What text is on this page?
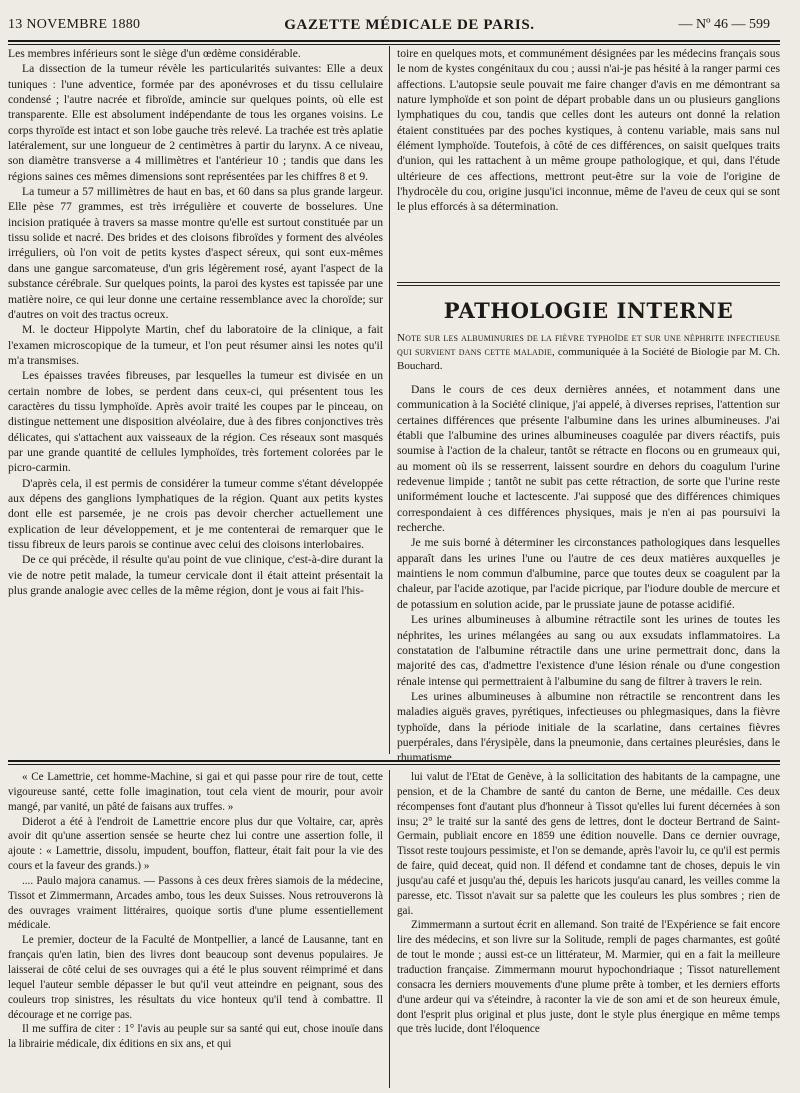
13 NOVEMBRE 1880	GAZETTE MÉDICALE DE PARIS.	— Nº 46 — 599

Les membres inférieurs sont le siège d'un œdème considérable.

La dissection de la tumeur révèle les particularités suivantes: Elle a deux tuniques : l'une adventice, formée par des aponévroses et du tissu cellulaire condensé ; l'autre nacrée et fibroïde, amincie sur quelques points, où elle est transparente. Elle est absolument indépendante de tous les organes voisins. Le corps thyroïde est intact et son lobe gauche très relevé. La trachée est très aplatie latéralement, sur une longueur de 2 centimètres à partir du larynx. A ce niveau, son diamètre transverse a 4 millimètres et l'antérieur 10 ; tandis que dans les régions saines ces mêmes dimensions sont représentées par les chiffres 8 et 9.

La tumeur a 57 millimètres de haut en bas, et 60 dans sa plus grande largeur. Elle pèse 77 grammes, est très irrégulière et couverte de bosselures. Une incision pratiquée à travers sa masse montre qu'elle est surtout constituée par un tissu solide et nacré. Des brides et des cloisons fibroïdes y forment des alvéoles irréguliers, où l'on voit de petits kystes d'aspect séreux, qui sont eux-mêmes dans une gangue sarcomateuse, d'un gris légèrement rosé, ayant l'aspect de la substance cérébrale. Sur quelques points, la paroi des kystes est tapissée par une matière noire, ce qui leur donne une certaine ressemblance avec la choroïde; sur d'autres on voit des tractus ocreux.

M. le docteur Hippolyte Martin, chef du laboratoire de la clinique, a fait l'examen microscopique de la tumeur, et l'on peut résumer ainsi les notes qu'il m'a transmises.

Les épaisses travées fibreuses, par lesquelles la tumeur est divisée en un certain nombre de lobes, se perdent dans ceux-ci, qui présentent tous les caractères du tissu lymphoïde. Après avoir traité les coupes par le pinceau, on distingue nettement une disposition alvéolaire, due à des fibres conjonctives très délicates, qui s'attachent aux vaisseaux de la région. Ces réseaux sont masqués par une grande quantité de cellules lymphoïdes, très fortement colorées par le picro-carmin.

D'après cela, il est permis de considérer la tumeur comme s'étant développée aux dépens des ganglions lymphatiques de la région. Quant aux petits kystes dont elle est parsemée, je ne crois pas devoir chercher actuellement une explication de leur développement, et je me contenterai de remarquer que le tissu fibreux de leurs parois se continue avec celui des cloisons interlobaires.

De ce qui précède, il résulte qu'au point de vue clinique, c'est-à-dire durant la vie de notre petit malade, la tumeur cervicale dont il était atteint présentait la plus grande analogie avec celles de la même région, dont je vous ai fait l'his-

toire en quelques mots, et communément désignées par les médecins français sous le nom de kystes congénitaux du cou ; aussi n'ai-je pas hésité à la ranger parmi ces affections. L'autopsie seule pouvait me faire changer d'avis en me démontrant sa nature lymphoïde et son point de départ probable dans un ou plusieurs ganglions lymphatiques du cou, tandis que celles dont les auteurs ont donné la relation étaient constituées par des poches kystiques, à contenu variable, mais sans nul élément lymphoïde. Toutefois, à côté de ces différences, on saisit quelques traits d'union, qui les rattachent à un même groupe pathologique, et qui, dans l'étude ultérieure de ces affections, mettront peut-être sur la voie de l'origine de l'hydrocèle du cou, origine jusqu'ici inconnue, même de l'aveu de ceux qui se sont le plus efforcés à sa détermination.

PATHOLOGIE INTERNE
Note sur les albuminuries de la fièvre typhoïde et sur une néphrite infectieuse qui survient dans cette maladie, communiquée à la Société de Biologie par M. Ch. Bouchard.

Dans le cours de ces deux dernières années, et notamment dans une communication à la Société clinique, j'ai appelé, à diverses reprises, l'attention sur certaines différences que présente l'albumine dans les urines albumineuses. J'ai établi que l'albumine des urines albumineuses coagulée par divers réactifs, puis soumise à l'action de la chaleur, tantôt se rétracte en flocons ou en grumeaux qui, au moment où ils se resserrent, laissent sourdre en dehors du coagulum l'urine redevenue limpide ; tantôt ne subit pas cette rétraction, de sorte que l'urine reste uniformément louche et lactescente. J'ai supposé que des différences chimiques correspondaient à ces différences physiques, mais je n'en ai pas poursuivi la recherche.

Je me suis borné à déterminer les circonstances pathologiques dans lesquelles apparaît dans les urines l'une ou l'autre de ces deux matières auxquelles je maintiens le nom commun d'albumine, parce que toutes deux se coagulent par la chaleur, par l'acide azotique, par l'acide picrique, par l'iodure double de mercure et de potassium en solution acide, par le prussiate jaune de potasse acidifié.

Les urines albumineuses à albumine rétractile sont les urines de toutes les néphrites, les urines mélangées au sang ou aux exsudats inflammatoires. La constatation de l'albumine rétractile dans une urine permettrait donc, dans la majorité des cas, d'admettre l'existence d'une lésion rénale ou d'une congestion rénale intense qui permettraient à l'albumine du sang de filtrer à travers le rein.

Les urines albumineuses à albumine non rétractile se rencontrent dans les maladies aiguës graves, pyrétiques, infectieuses ou phlegmasiques, dans la fièvre typhoïde, dans la période initiale de la scarlatine, dans certaines fièvres puerpérales, dans l'érysipèle, dans la pneumonie, dans certaines pleurésies, dans le rhumatisme

« Ce Lamettrie, cet homme-Machine, si gai et qui passe pour rire de tout, cette vigoureuse santé, cette folle imagination, tout cela vient de mourir, pour avoir mangé, par vanité, un pâté de faisans aux truffes. »

Diderot a été à l'endroit de Lamettrie encore plus dur que Voltaire, car, après avoir dit qu'une assertion sensée se heurte chez lui contre une assertion folle, il ajoute : « Lamettrie, dissolu, impudent, bouffon, flatteur, était fait pour la vie des cours et la faveur des grands.) »

.... Paulo majora canamus. — Passons à ces deux frères siamois de la médecine, Tissot et Zimmermann, Arcades ambo, tous les deux Suisses. Nous retrouverons là des ouvrages vraiment littéraires, quoique sortis d'une plume essentiellement médicale.

Le premier, docteur de la Faculté de Montpellier, a lancé de Lausanne, tant en français qu'en latin, bien des livres dont beaucoup sont devenus populaires. Je laisserai de côté celui de ses ouvrages qui a été le plus souvent réimprimé et dans lequel l'auteur semble dépasser le but qu'il veut atteindre en peignant, sous des couleurs trop sinistres, les résultats du vice honteux qu'il tend à combattre. Il décourage et ne corrige pas.

Il me suffira de citer : 1° l'avis au peuple sur sa santé qui eut, chose inouïe dans la librairie médicale, dix éditions en six ans, et qui

lui valut de l'Etat de Genève, à la sollicitation des habitants de la campagne, une pension, et de la Chambre de santé du canton de Berne, une médaille. Ces deux récompenses font d'autant plus d'honneur à Tissot qu'elles lui furent décernées à son insu; 2° le traité sur la santé des gens de lettres, dont le docteur Bertrand de Saint-Germain, publiait encore en 1859 une édition nouvelle. Dans ce dernier ouvrage, Tissot reste toujours pessimiste, et l'on se demande, après l'avoir lu, ce qu'il est permis de faire, quid deceat, quid non. Il défend et condamne tant de choses, depuis le vin jusqu'au café et jusqu'au thé, depuis les haricots jusqu'au canard, les veilles comme la paresse, etc. Tissot n'avait sur sa palette que les couleurs les plus sombres ; rien de gai.

Zimmermann a surtout écrit en allemand. Son traité de l'Expérience se fait encore lire des médecins, et son livre sur la Solitude, rempli de pages charmantes, est goûté de tout le monde ; aussi est-ce un littérateur, M. Marmier, qui en a fait la meilleure traduction française. Zimmermann mourut hypochondriaque ; Tissot naturellement consacra les derniers mouvements d'une plume prête à tomber, et les derniers efforts d'une ardeur qui va s'éteindre, à raconter la vie de son ami et de son heureux émule, dont l'esprit plus original et plus juste, dont le style plus énergique en même temps que très lucide, dont l'éloquence
